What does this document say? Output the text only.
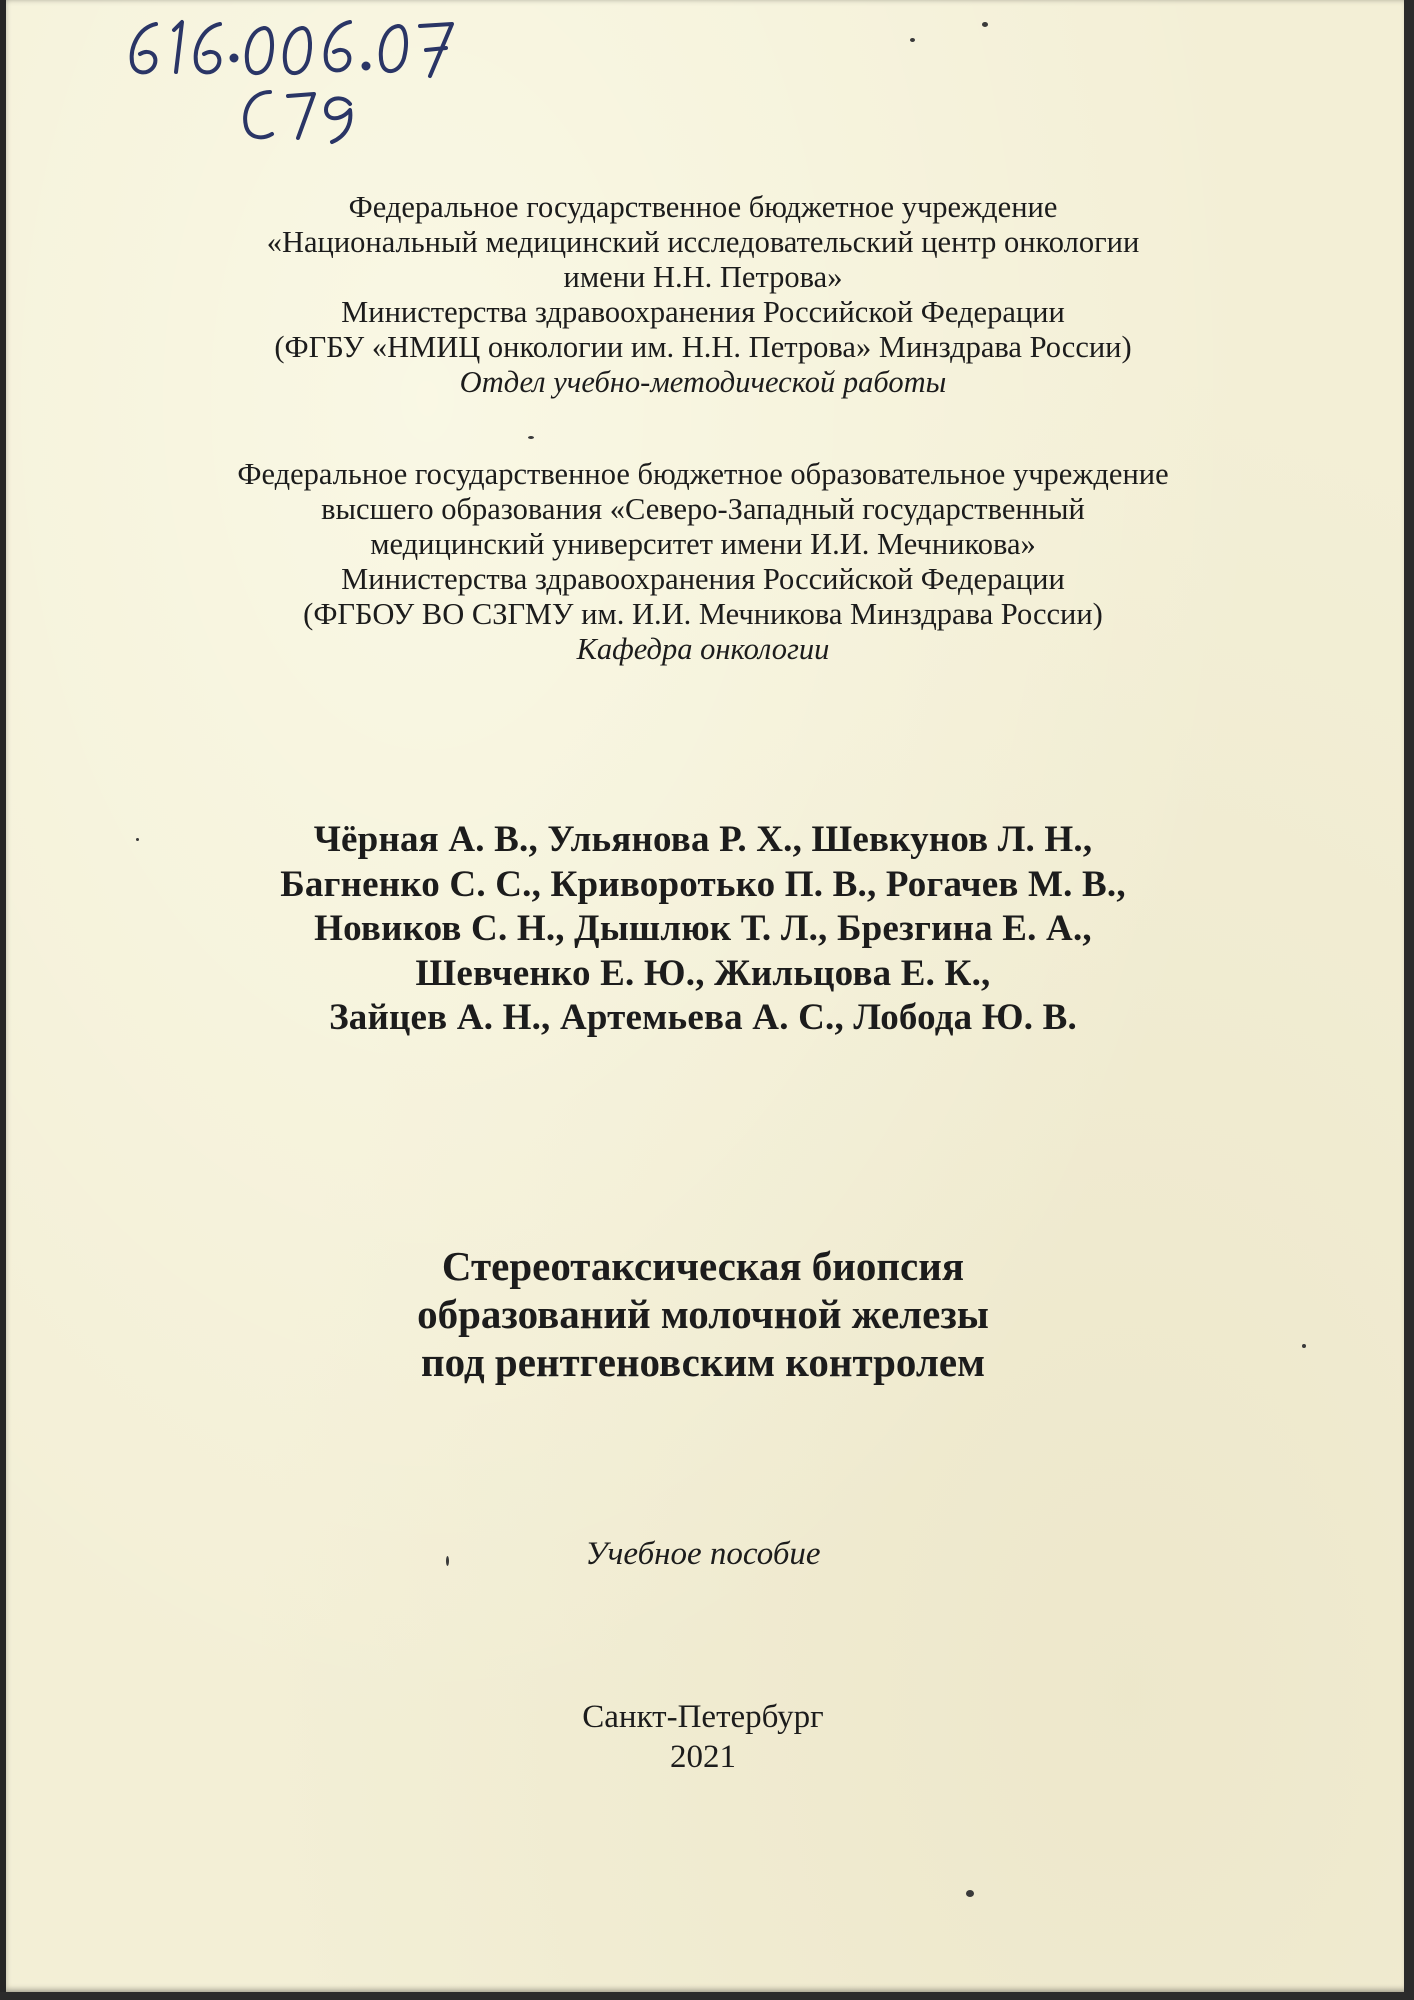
Федеральное государственное бюджетное учреждение
«Национальный медицинский исследовательский центр онкологии
имени Н.Н. Петрова»
Министерства здравоохранения Российской Федерации
(ФГБУ «НМИЦ онкологии им. Н.Н. Петрова» Минздрава России)
Отдел учебно-методической работы
Федеральное государственное бюджетное образовательное учреждение
высшего образования «Северо-Западный государственный
медицинский университет имени И.И. Мечникова»
Министерства здравоохранения Российской Федерации
(ФГБОУ ВО СЗГМУ им. И.И. Мечникова Минздрава России)
Кафедра онкологии
Чёрная А. В., Ульянова Р. Х., Шевкунов Л. Н.,
Багненко С. С., Криворотько П. В., Рогачев М. В.,
Новиков С. Н., Дышлюк Т. Л., Брезгина Е. А.,
Шевченко Е. Ю., Жильцова Е. К.,
Зайцев А. Н., Артемьева А. С., Лобода Ю. В.
Стереотаксическая биопсия
образований молочной железы
под рентгеновским контролем
Учебное пособие
Санкт-Петербург
2021
